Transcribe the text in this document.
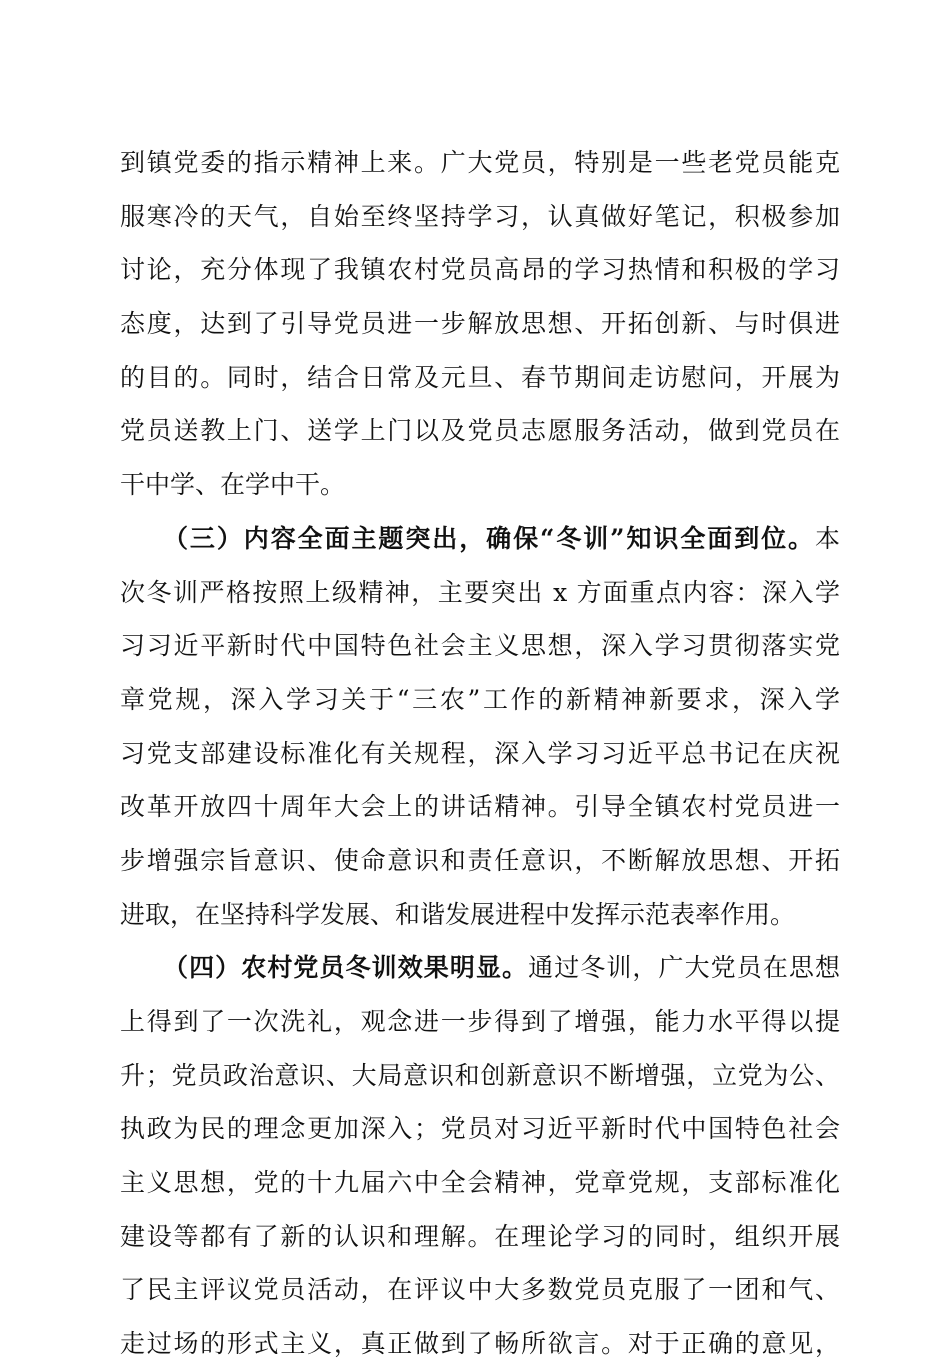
到镇党委的指示精神上来。广大党员，特别是一些老党员能克
服寒冷的天气，自始至终坚持学习，认真做好笔记，积极参加
讨论，充分体现了我镇农村党员高昂的学习热情和积极的学习
态度，达到了引导党员进一步解放思想、开拓创新、与时俱进
的目的。同时，结合日常及元旦、春节期间走访慰问，开展为
党员送教上门、送学上门以及党员志愿服务活动，做到党员在
干中学、在学中干。
（三）内容全面主题突出，确保“冬训”知识全面到位。本
次冬训严格按照上级精神，主要突出 x 方面重点内容：深入学
习习近平新时代中国特色社会主义思想，深入学习贯彻落实党
章党规，深入学习关于“三农”工作的新精神新要求，深入学
习党支部建设标准化有关规程，深入学习习近平总书记在庆祝
改革开放四十周年大会上的讲话精神。引导全镇农村党员进一
步增强宗旨意识、使命意识和责任意识，不断解放思想、开拓
进取，在坚持科学发展、和谐发展进程中发挥示范表率作用。
（四）农村党员冬训效果明显。通过冬训，广大党员在思想
上得到了一次洗礼，观念进一步得到了增强，能力水平得以提
升；党员政治意识、大局意识和创新意识不断增强，立党为公、
执政为民的理念更加深入；党员对习近平新时代中国特色社会
主义思想，党的十九届六中全会精神，党章党规，支部标准化
建设等都有了新的认识和理解。在理论学习的同时，组织开展
了民主评议党员活动，在评议中大多数党员克服了一团和气、
走过场的形式主义，真正做到了畅所欲言。对于正确的意见，
